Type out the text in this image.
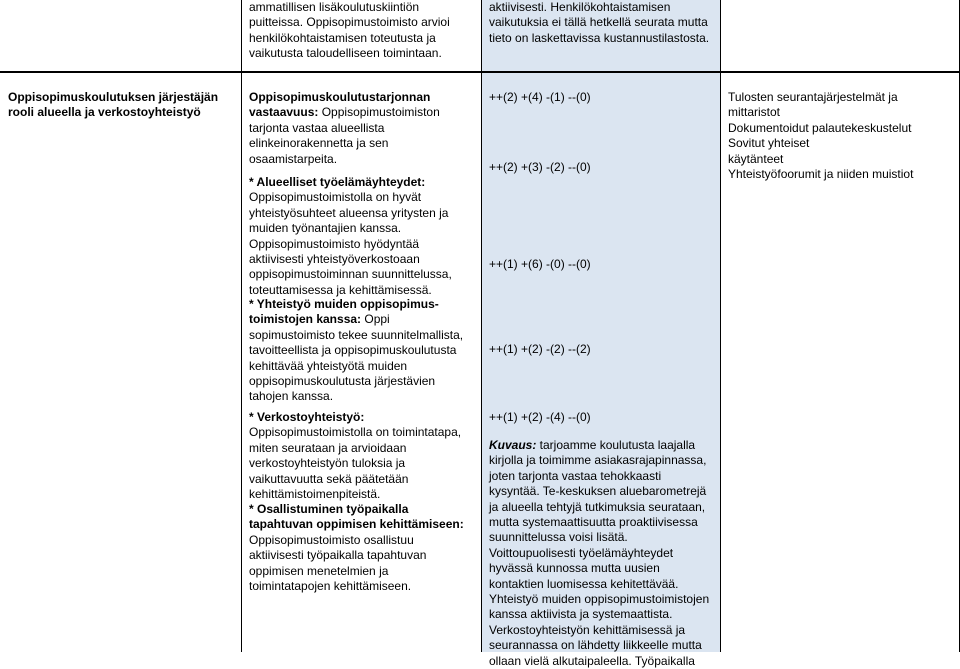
ammatillisen lisäkoulutuskiintiön
puitteissa. Oppisopimustoimisto arvioi
henkilökohtaistamisen toteutusta ja
vaikutusta taloudelliseen toimintaan.
aktiivisesti. Henkilökohtaistamisen
vaikutuksia ei tällä hetkellä seurata mutta
tieto on laskettavissa kustannustilastosta.
Oppisopimuskoulutuksen järjestäjän
rooli alueella ja verkostoyhteistyö
Oppisopimuskoulutustarjonnan
vastaavuus: Oppisopimustoimiston
tarjonta vastaa alueellista
elinkeinorakennetta ja sen
osaamistarpeita.
* Alueelliset työelämäyhteydet:
Oppisopimustoimistolla on hyvät
yhteistyösuhteet alueensa yritysten ja
muiden työnantajien kanssa.
Oppisopimustoimisto hyödyntää
aktiivisesti yhteistyöverkostoaan
oppisopimustoiminnan suunnittelussa,
toteuttamisessa ja kehittämisessä.
* Yhteistyö muiden oppisopimus-
toimistojen kanssa: Oppi
sopimustoimisto tekee suunnitelmallista,
tavoitteellista ja oppisopimuskoulutusta
kehittävää yhteistyötä muiden
oppisopimuskoulutusta järjestävien
tahojen kanssa.
* Verkostoyhteistyö:
Oppisopimustoimistolla on toimintatapa,
miten seurataan ja arvioidaan
verkostoyhteistyön tuloksia ja
vaikuttavuutta sekä päätetään
kehittämistoimenpiteistä.
* Osallistuminen työpaikalla
tapahtuvan oppimisen kehittämiseen:
Oppisopimustoimisto osallistuu
aktiivisesti työpaikalla tapahtuvan
oppimisen menetelmien ja
toimintatapojen kehittämiseen.
++(2) +(4) -(1) --(0)
++(2) +(3) -(2) --(0)
++(1) +(6) -(0) --(0)
++(1) +(2) -(2) --(2)
++(1) +(2) -(4) --(0)
Kuvaus: tarjoamme koulutusta laajalla
kirjolla ja toimimme asiakasrajapinnassa,
joten tarjonta vastaa tehokkaasti
kysyntää. Te-keskuksen aluebarometrejä
ja alueella tehtyjä tutkimuksia seurataan,
mutta systemaattisuutta proaktiivisessa
suunnittelussa voisi lisätä.
Voittoupuolisesti työelämäyhteydet
hyvässä kunnossa mutta uusien
kontaktien luomisessa kehitettävää.
Yhteistyö muiden oppisopimustoimistojen
kanssa aktiivista ja systemaattista.
Verkostoyhteistyön kehittämisessä ja
seurannassa on lähdetty liikkeelle mutta
ollaan vielä alkutaipaleella. Työpaikalla
Tulosten seurantajärjestelmät ja
mittaristot
Dokumentoidut palautekeskustelut
Sovitut yhteiset
käytänteet
Yhteistyöfoorumit ja niiden muistiot
